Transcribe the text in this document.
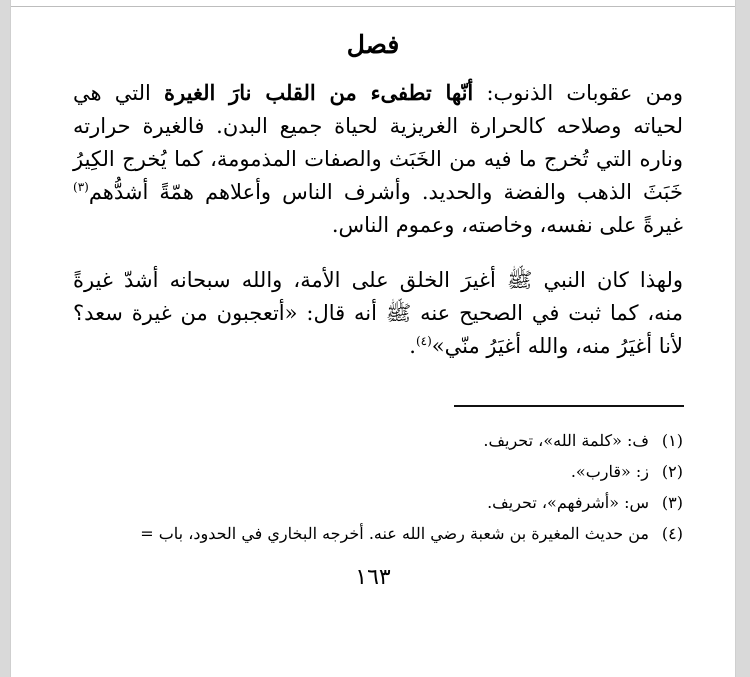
فصل
ومن عقوبات الذنوب: أنّها تطفىء من القلب نارَ الغيرة التي هي
لحياته وصلاحه كالحرارة الغريزية لحياة جميع البدن. فالغيرة حرارته
وناره التي تُخرج ما فيه من الخَبَث والصفات المذمومة، كما يُخرج الكِيرُ
خَبَثَ الذهب والفضة والحديد. وأشرف الناس وأعلاهم همّةً أشدُّهم$^{(٣)}$
غيرةً على نفسه، وخاصته، وعموم الناس.
ولهذا كان النبي ﷺ أغيرَ الخلق على الأمة، والله سبحانه أشدّ غيرةً
منه، كما ثبت في الصحيح عنه ﷺ أنه قال: «أتعجبون من غيرة سعد؟
لأنا أغيَرُ منه، والله أغيَرُ منّي»$^{(٤)}$.
(١)ف: «كلمة الله»، تحريف.
(٢)ز: «قارب».
(٣)س: «أشرفهم»، تحريف.
(٤)من حديث المغيرة بن شعبة رضي الله عنه. أخرجه البخاري في الحدود، باب =
١٦٣
